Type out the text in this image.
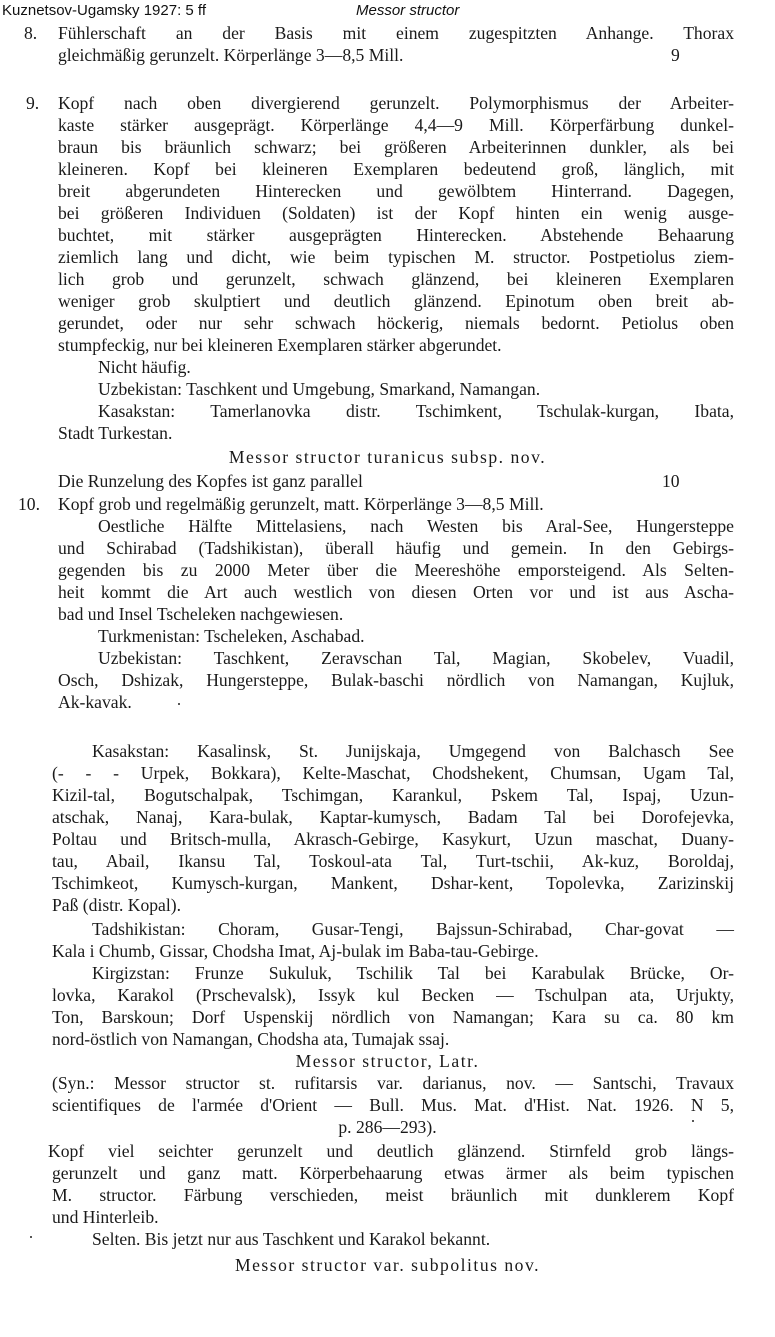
Kuznetsov-Ugamsky 1927: 5 ff	Messor structor
8. Fühlerschaft an der Basis mit einem zugespitzten Anhange. Thorax
gleichmäßig gerunzelt. Körperlänge 3—8,5 Mill.	9
9. Kopf nach oben divergierend gerunzelt. Polymorphismus der Arbeiter-
kaste stärker ausgeprägt. Körperlänge 4,4—9 Mill. Körperfärbung dunkel-
braun bis bräunlich schwarz; bei größeren Arbeiterinnen dunkler, als bei
kleineren. Kopf bei kleineren Exemplaren bedeutend groß, länglich, mit
breit abgerundeten Hinterecken und gewölbtem Hinterrand. Dagegen,
bei größeren Individuen (Soldaten) ist der Kopf hinten ein wenig ausge-
buchtet, mit stärker ausgeprägten Hinterecken. Abstehende Behaarung
ziemlich lang und dicht, wie beim typischen M. structor. Postpetiolus ziem-
lich grob und gerunzelt, schwach glänzend, bei kleineren Exemplaren
weniger grob skulptiert und deutlich glänzend. Epinotum oben breit ab-
gerundet, oder nur sehr schwach höckerig, niemals bedornt. Petiolus oben
stumpfeckig, nur bei kleineren Exemplaren stärker abgerundet.
Nicht häufig.
Uzbekistan: Taschkent und Umgebung, Smarkand, Namangan.
Kasakstan: Tamerlanovka distr. Tschimkent, Tschulak-kurgan, Ibata,
Stadt Turkestan.
Messor structor turanicus subsp. nov.
Die Runzelung des Kopfes ist ganz parallel	10
10. Kopf grob und regelmäßig gerunzelt, matt. Körperlänge 3—8,5 Mill.
Oestliche Hälfte Mittelasiens, nach Westen bis Aral-See, Hungersteppe
und Schirabad (Tadshikistan), überall häufig und gemein. In den Gebirgs-
gegenden bis zu 2000 Meter über die Meereshöhe emporsteigend. Als Selten-
heit kommt die Art auch westlich von diesen Orten vor und ist aus Ascha-
bad und Insel Tscheleken nachgewiesen.
Turkmenistan: Tscheleken, Aschabad.
Uzbekistan: Taschkent, Zeravschan Tal, Magian, Skobelev, Vuadil,
Osch, Dshizak, Hungersteppe, Bulak-baschi nördlich von Namangan, Kujluk,
Ak-kavak.
Kasakstan: Kasalinsk, St. Junijskaja, Umgegend von Balchasch See
(- - - Urpek, Bokkara), Kelte-Maschat, Chodshekent, Chumsan, Ugam Tal,
Kizil-tal, Bogutschalpak, Tschimgan, Karankul, Pskem Tal, Ispaj, Uzun-
atschak, Nanaj, Kara-bulak, Kaptar-kumysch, Badam Tal bei Dorofejevka,
Poltau und Britsch-mulla, Akrasch-Gebirge, Kasykurt, Uzun maschat, Duany-
tau, Abail, Ikansu Tal, Toskoul-ata Tal, Turt-tschii, Ak-kuz, Boroldaj,
Tschimkeot, Kumysch-kurgan, Mankent, Dshar-kent, Topolevka, Zarizinskij
Paß (distr. Kopal).
Tadshikistan: Choram, Gusar-Tengi, Bajssun-Schirabad, Char-govat —
Kala i Chumb, Gissar, Chodsha Imat, Aj-bulak im Baba-tau-Gebirge.
Kirgizstan: Frunze Sukuluk, Tschilik Tal bei Karabulak Brücke, Or-
lovka, Karakol (Prschevalsk), Issyk kul Becken — Tschulpan ata, Urjukty,
Ton, Barskoun; Dorf Uspenskij nördlich von Namangan; Kara su ca. 80 km
nord-östlich von Namangan, Chodsha ata, Tumajak ssaj.
Messor structor, Latr.
(Syn.: Messor structor st. rufitarsis var. darianus, nov. — Santschi, Travaux
scientifiques de l'armée d'Orient — Bull. Mus. Mat. d'Hist. Nat. 1926. N 5,
p. 286—293).
Kopf viel seichter gerunzelt und deutlich glänzend. Stirnfeld grob längs-
gerunzelt und ganz matt. Körperbehaarung etwas ärmer als beim typischen
M. structor. Färbung verschieden, meist bräunlich mit dunklerem Kopf
und Hinterleib.
Selten. Bis jetzt nur aus Taschkent und Karakol bekannt.
Messor structor var. subpolitus nov.
